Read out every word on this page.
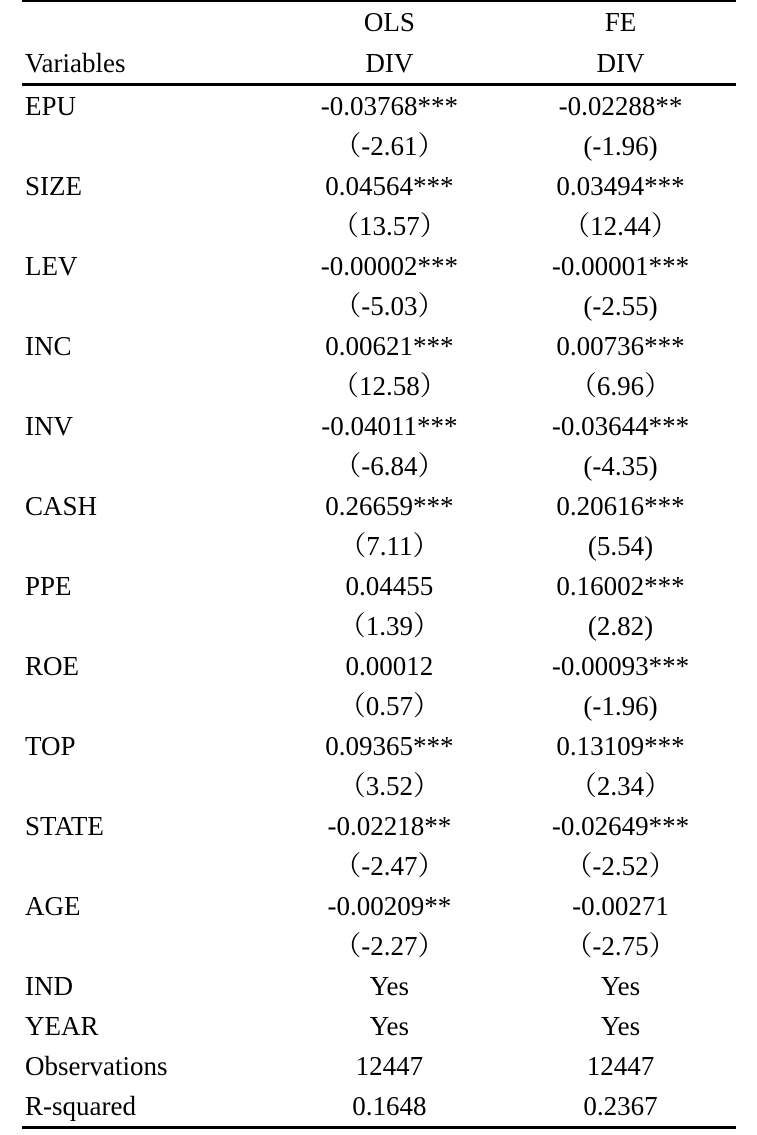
	OLS	FE
Variables	DIV	DIV
EPU	-0.03768***	-0.02288**
	（-2.61）	(-1.96)
SIZE	0.04564***	0.03494***
	（13.57）	（12.44）
LEV	-0.00002***	-0.00001***
	（-5.03）	(-2.55)
INC	0.00621***	0.00736***
	（12.58）	（6.96）
INV	-0.04011***	-0.03644***
	（-6.84）	(-4.35)
CASH	0.26659***	0.20616***
	（7.11）	(5.54)
PPE	0.04455	0.16002***
	（1.39）	(2.82)
ROE	0.00012	-0.00093***
	（0.57）	(-1.96)
TOP	0.09365***	0.13109***
	（3.52）	（2.34）
STATE	-0.02218**	-0.02649***
	（-2.47）	（-2.52）
AGE	-0.00209**	-0.00271
	（-2.27）	（-2.75）
IND	Yes	Yes
YEAR	Yes	Yes
Observations	12447	12447
R-squared	0.1648	0.2367
